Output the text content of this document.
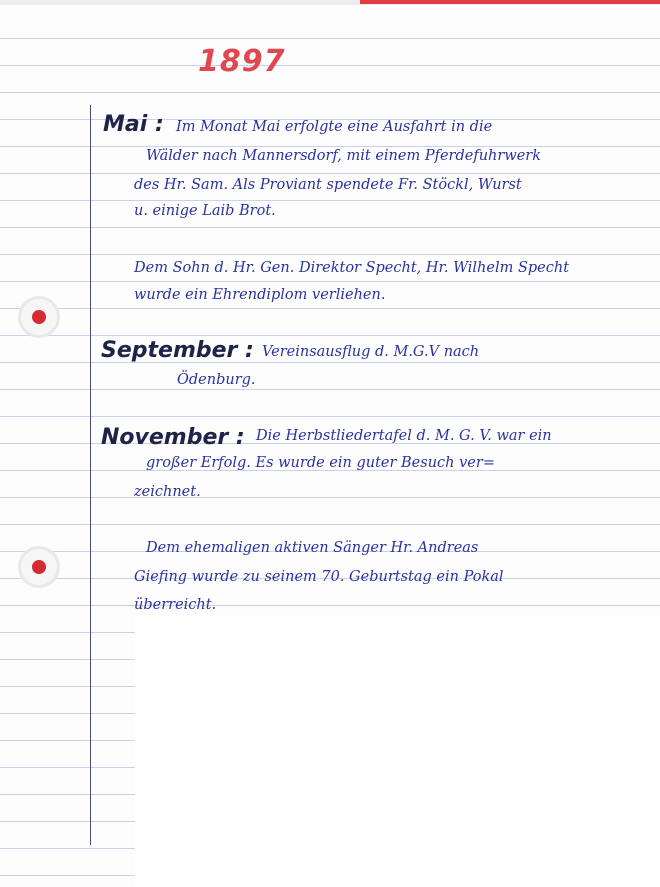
1897
Mai : Im Monat Mai erfolgte eine Ausfahrt in die

Wälder nach Mannersdorf, mit einem Pferdefuhrwerk

des Hr. Sam. Als Proviant spendete Fr. Stöckl, Wurst

u. einige Laib Brot.

Dem Sohn d. Hr. Gen. Direktor Specht, Hr. Wilhelm Specht

wurde ein Ehrendiplom verliehen.

September : Vereinsausflug d. M.G.V nach

Ödenburg.

November : Die Herbstliedertafel d. M. G. V. war ein

großer Erfolg. Es wurde ein guter Besuch ver=

zeichnet.

Dem ehemaligen aktiven Sänger Hr. Andreas

Giefing wurde zu seinem 70. Geburtstag ein Pokal

überreicht.
